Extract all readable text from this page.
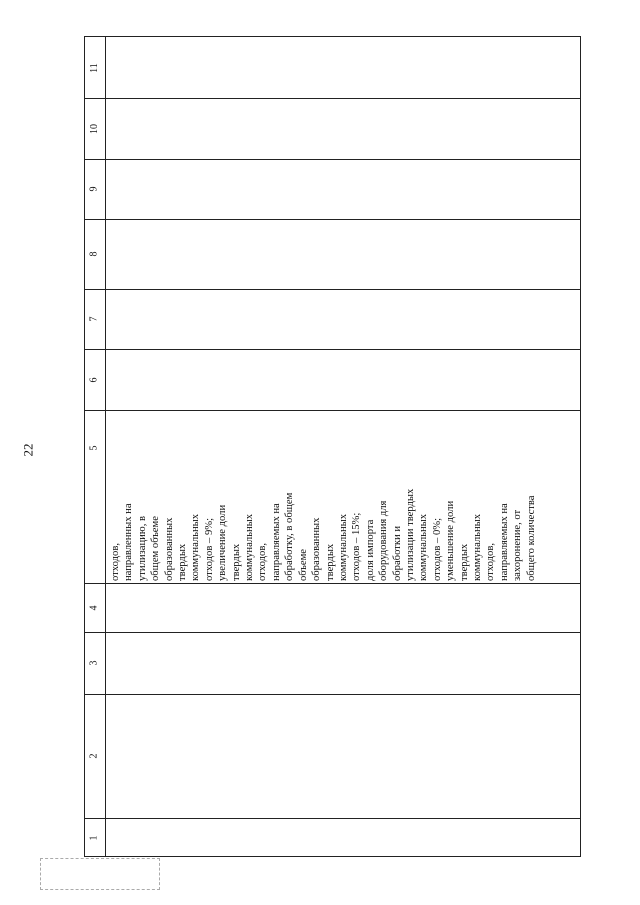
22
11
10
9
8
7
6
5
4
3
2
1
отходов, направленных на утилизацию, в общем объеме образованных твердых коммунальных отходов – 9%; увеличение доли твердых коммунальных отходов, направляемых на обработку, в общем объеме образованных твердых коммунальных отходов – 15%; доля импорта оборудования для обработки и утилизации твердых коммунальных отходов – 0%; уменьшение доли твердых коммунальных отходов, направляемых на захоронение, от общего количества
